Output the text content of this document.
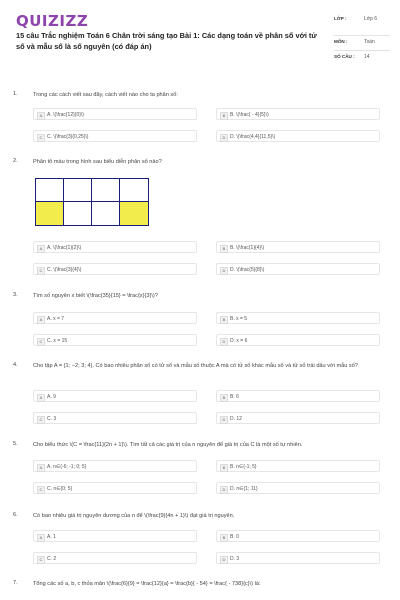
QUIZIZZ
15 câu Trắc nghiệm Toán 6 Chân trời sáng tạo Bài 1: Các dạng toán về phân số với tử số và mẫu số là số nguyên (có đáp án)
LỚP :	Lớp 6
MÔN :	Toán
SỐ CÂU :	14
1.	Trong các cách viết sau đây, cách viết nào cho ta phân số:
A A. \(\frac{12}{0}\)	B B. \(\frac{ - 4}{5}\)
C C. \(\frac{3}{0,25}\)	D D. \(\frac{4,4}{11,5}\)
2.	Phân tô màu trong hình sau biểu diễn phân số nào?
A A. \(\frac{1}{2}\)	B B. \(\frac{1}{4}\)
C C. \(\frac{3}{4}\)	D D. \(\frac{5}{8}\)
3.	Tìm số nguyên x biết \(\frac{35}{15} = \frac{x}{3}\)?
A A. x = 7	B B. x = 5
C C. x = 15	D D. x = 6
4.	Cho tập A = {1; −2; 3; 4}. Có bao nhiêu phân số có tử số và mẫu số thuộc A mà có tử số khác mẫu số và tử số trái dấu với mẫu số?
A A. 9	B B. 6
C C. 3	D D. 12
5.	Cho biểu thức \(C = \frac{11}{2n + 1}\). Tìm tất cả các giá trị của n nguyên để giá trị của C là một số tự nhiên.
A A. n∈{-6; -1; 0; 5}	B B. n∈{-1; 5}
C C. n∈{0; 5}	D D. n∈{1; 11}
6.	Có bao nhiêu giá trị nguyên dương của n để \(\frac{9}{4n + 1}\) đạt giá trị nguyên.
A A. 1	B B. 0
C C. 2	D D. 3
7.	Tổng các số a, b, c thỏa mãn \(\frac{6}{9} = \frac{12}{a} = \frac{b}{ - 54} = \frac{ - 738}{c}\) là:
